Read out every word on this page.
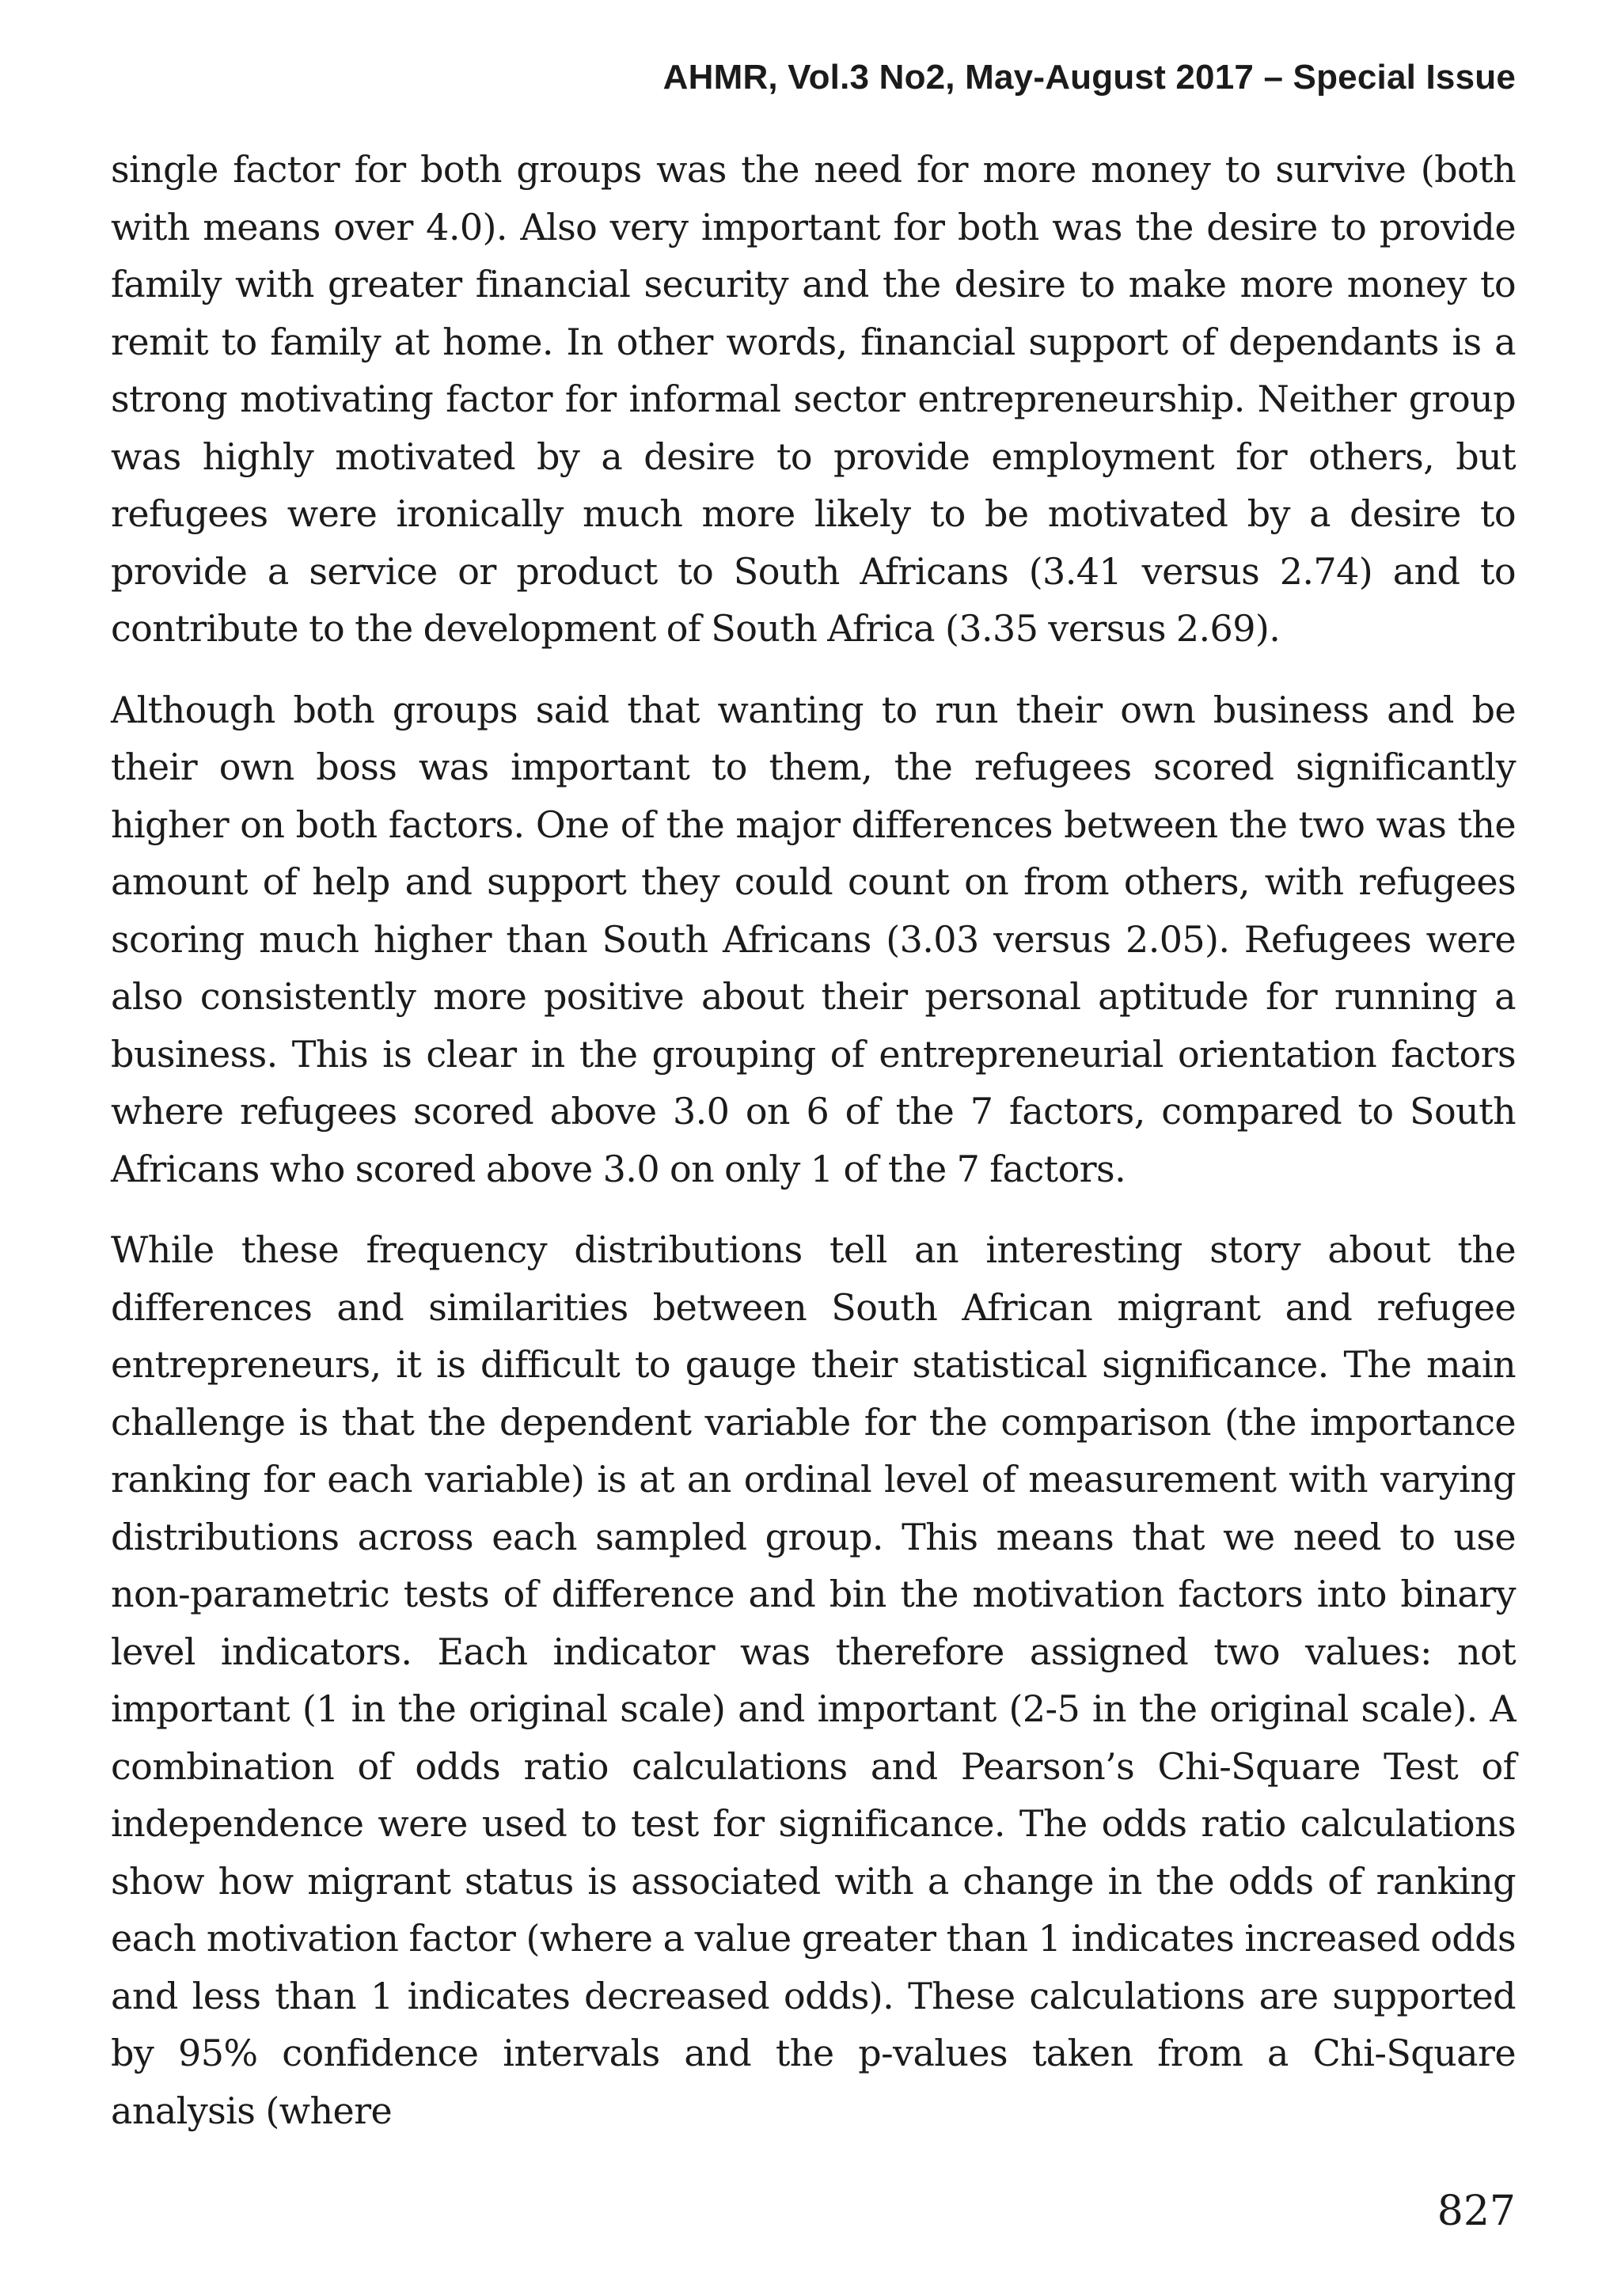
AHMR, Vol.3 No2, May-August 2017 – Special Issue

single factor for both groups was the need for more money to survive (both with means over 4.0). Also very important for both was the desire to provide family with greater financial security and the desire to make more money to remit to family at home. In other words, financial support of dependants is a strong motivating factor for informal sector entrepreneurship. Neither group was highly motivated by a desire to provide employment for others, but refugees were ironically much more likely to be motivated by a desire to provide a service or product to South Africans (3.41 versus 2.74) and to contribute to the development of South Africa (3.35 versus 2.69).

Although both groups said that wanting to run their own business and be their own boss was important to them, the refugees scored significantly higher on both factors. One of the major differences between the two was the amount of help and support they could count on from others, with refugees scoring much higher than South Africans (3.03 versus 2.05). Refugees were also consistently more positive about their personal aptitude for running a business. This is clear in the grouping of entrepreneurial orientation factors where refugees scored above 3.0 on 6 of the 7 factors, compared to South Africans who scored above 3.0 on only 1 of the 7 factors.

While these frequency distributions tell an interesting story about the differences and similarities between South African migrant and refugee entrepreneurs, it is difficult to gauge their statistical significance. The main challenge is that the dependent variable for the comparison (the importance ranking for each variable) is at an ordinal level of measurement with varying distributions across each sampled group. This means that we need to use non-parametric tests of difference and bin the motivation factors into binary level indicators. Each indicator was therefore assigned two values: not important (1 in the original scale) and important (2-5 in the original scale). A combination of odds ratio calculations and Pearson’s Chi-Square Test of independence were used to test for significance. The odds ratio calculations show how migrant status is associated with a change in the odds of ranking each motivation factor (where a value greater than 1 indicates increased odds and less than 1 indicates decreased odds). These calculations are supported by 95% confidence intervals and the p-values taken from a Chi-Square analysis (where

827
